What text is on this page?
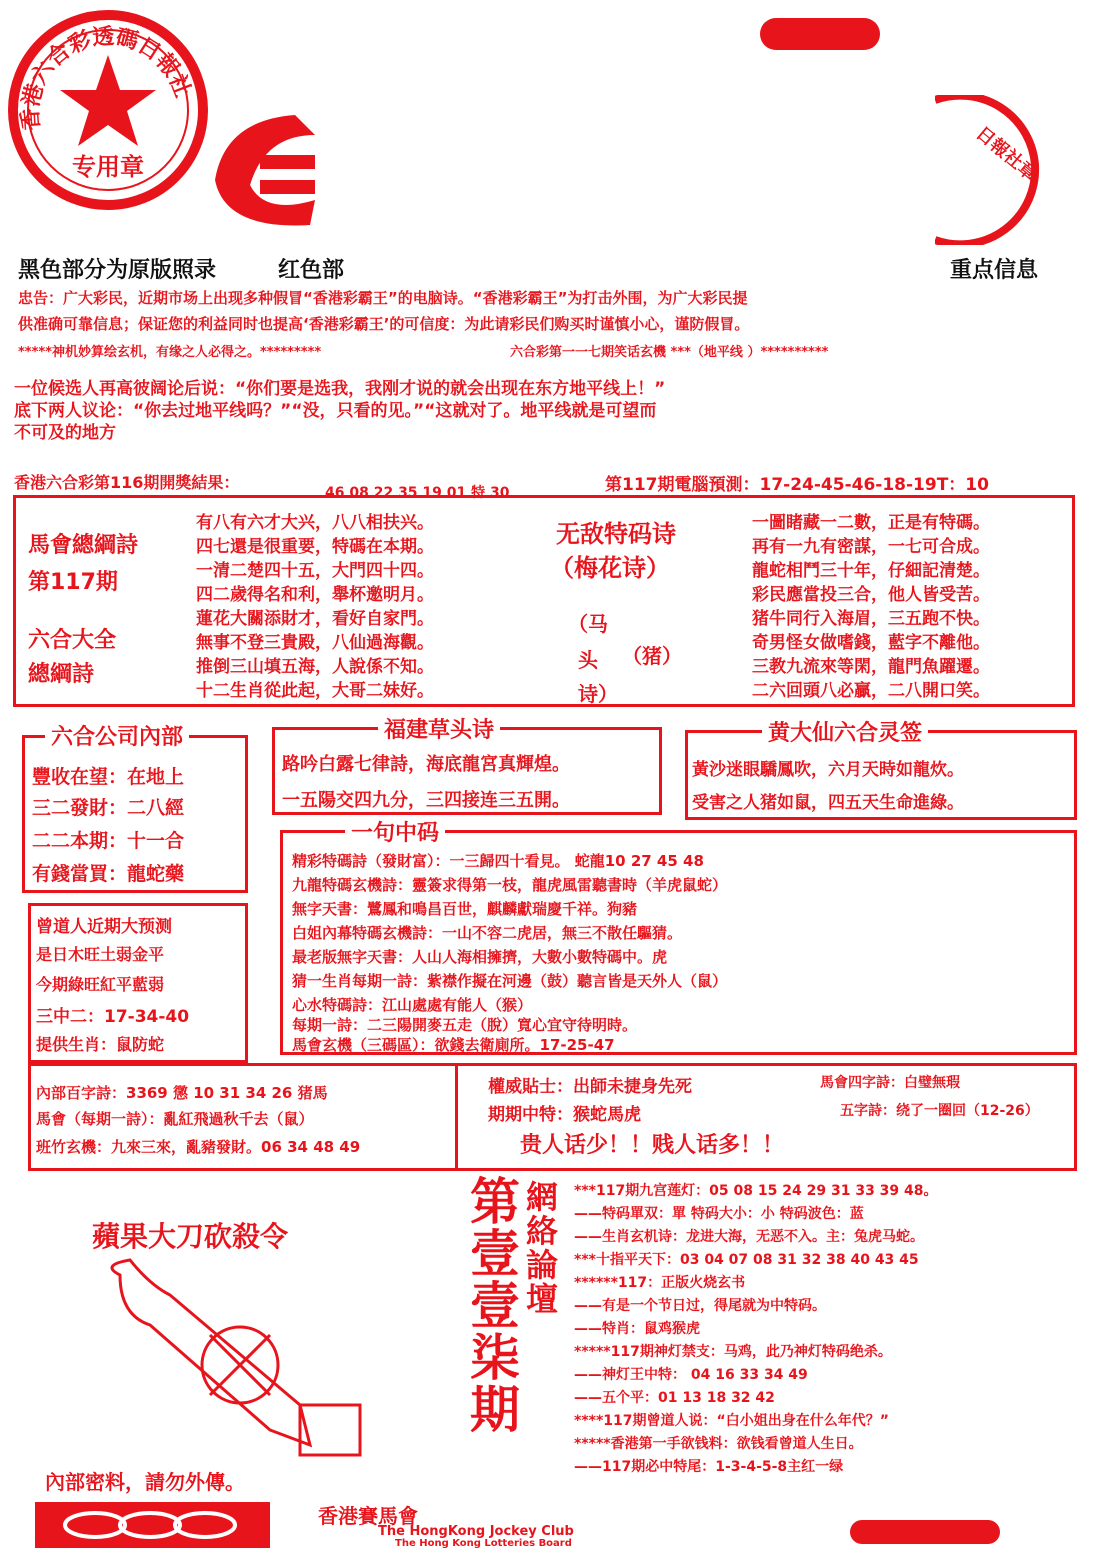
专用章
香港六合彩透碼日報社
日報社章
黑色部分为原版照录	红色部	重点信息
忠告：广大彩民，近期市场上出现多种假冒“香港彩霸王”的电脑诗。“香港彩霸王”为打击外围，为广大彩民提
供准确可靠信息；保证您的利益同时也提高‘香港彩霸王’的可信度：为此请彩民们购买时谨慎小心，谨防假冒。
*****神机妙算绘玄机，有缘之人必得之。*********	六合彩第一一七期笑话玄機 ***（地平线 ）**********
一位候选人再高彼阔论后说：“你们要是选我，我刚才说的就会出现在东方地平线上！”
底下两人议论：“你去过地平线吗？”“没，只看的见。”“这就对了。地平线就是可望而
不可及的地方
香港六合彩第116期開獎結果：
46 08 22 35 19 01 特 30	第117期電腦預測：17-24-45-46-18-19T：10
馬會總綱詩
第117期
六合大全
總綱詩
有八有六才大兴，八八相扶兴。
四七還是很重要，特碼在本期。
一清二楚四十五，大門四十四。
四二歲得名和利，舉杯邀明月。
蓮花大關添財才，看好自家門。
無事不登三貴殿，八仙過海觀。
推倒三山填五海，人說係不知。
十二生肖從此起，大哥二妹好。
无敌特码诗
（梅花诗）
（马
头
诗）
（猪）
一圖睹藏一二數，正是有特碼。
再有一九有密謀，一七可合成。
龍蛇相鬥三十年，仔細記清楚。
彩民應當投三合，他人皆受苦。
猪牛同行入海眉，三五跑不快。
奇男怪女做嗜錢，藍字不離他。
三教九流來等閑，龍門魚躍遷。
二六回頭八必贏，二八開口笑。
六合公司內部
豐收在望：在地上
三二發財：二八經
二二本期：十一合
有錢當買：龍蛇藥
福建草头诗
路吟白露七律詩，海底龍宮真輝煌。
一五陽交四九分，三四接连三五開。
黄大仙六合灵签
黃沙迷眼驕鳳吹，六月天時如龍炊。
受害之人猪如鼠，四五天生命進綠。
一句中码
精彩特碼詩（發財富）：一三歸四十看見。 蛇龍10 27 45 48
九龍特碼玄機詩：靈簽求得第一枝，龍虎風雷聽書時（羊虎鼠蛇）
無字天書：鷺鳳和鳴昌百世，麒麟獻瑞慶千祥。狗豬
白姐內幕特碼玄機詩：一山不容二虎居，無三不散任驅猜。
最老版無字天書：人山人海相擁擠，大數小數特碼中。虎
猜一生肖每期一詩：紫襟作擬在河邊（鼓）聽言皆是天外人（鼠）
心水特碼詩：江山處處有能人（猴）
每期一詩：二三陽開麥五走（脫）寬心宜守待明時。
馬會玄機（三碼區）：欲錢去衛廁所。17-25-47
曾道人近期大预测
是日木旺土弱金平
今期綠旺紅平藍弱
三中二：17-34-40
提供生肖：鼠防蛇
內部百字詩：3369 懲 10 31 34 26 猪馬
馬會（每期一詩）：亂紅飛過秋千去（鼠）
班竹玄機：九來三來，亂豬發財。06 34 48 49
權威貼士：出師未捷身先死	馬會四字詩：白璧無瑕
期期中特：猴蛇馬虎	五字詩：绕了一圈回（12-26）
贵人话少！！贱人话多！！
蘋果大刀砍殺令
內部密料，請勿外傳。
第壹壹柒期 網絡論壇 ***117期九宫莲灯：05 08 15 24 29 31 33 39 48。
——特码單双：單 特码大小：小 特码波色：蓝
——生肖玄机诗：龙进大海，无恶不入。主：兔虎马蛇。
***十指平天下：03 04 07 08 31 32 38 40 43 45
******117：正版火烧玄书
——有是一个节日过，得尾就为中特码。
——特肖：鼠鸡猴虎
*****117期神灯禁支：马鸡，此乃神灯特码绝杀。
——神灯王中特： 04 16 33 34 49
——五个平：01 13 18 32 42
****117期曾道人说：“白小姐出身在什么年代？”
*****香港第一手欲钱料：欲钱看曾道人生日。
——117期必中特尾：1-3-4-5-8主红一绿
香港賽馬會
The HongKong Jockey Club
The Hong Kong Lotteries Board
